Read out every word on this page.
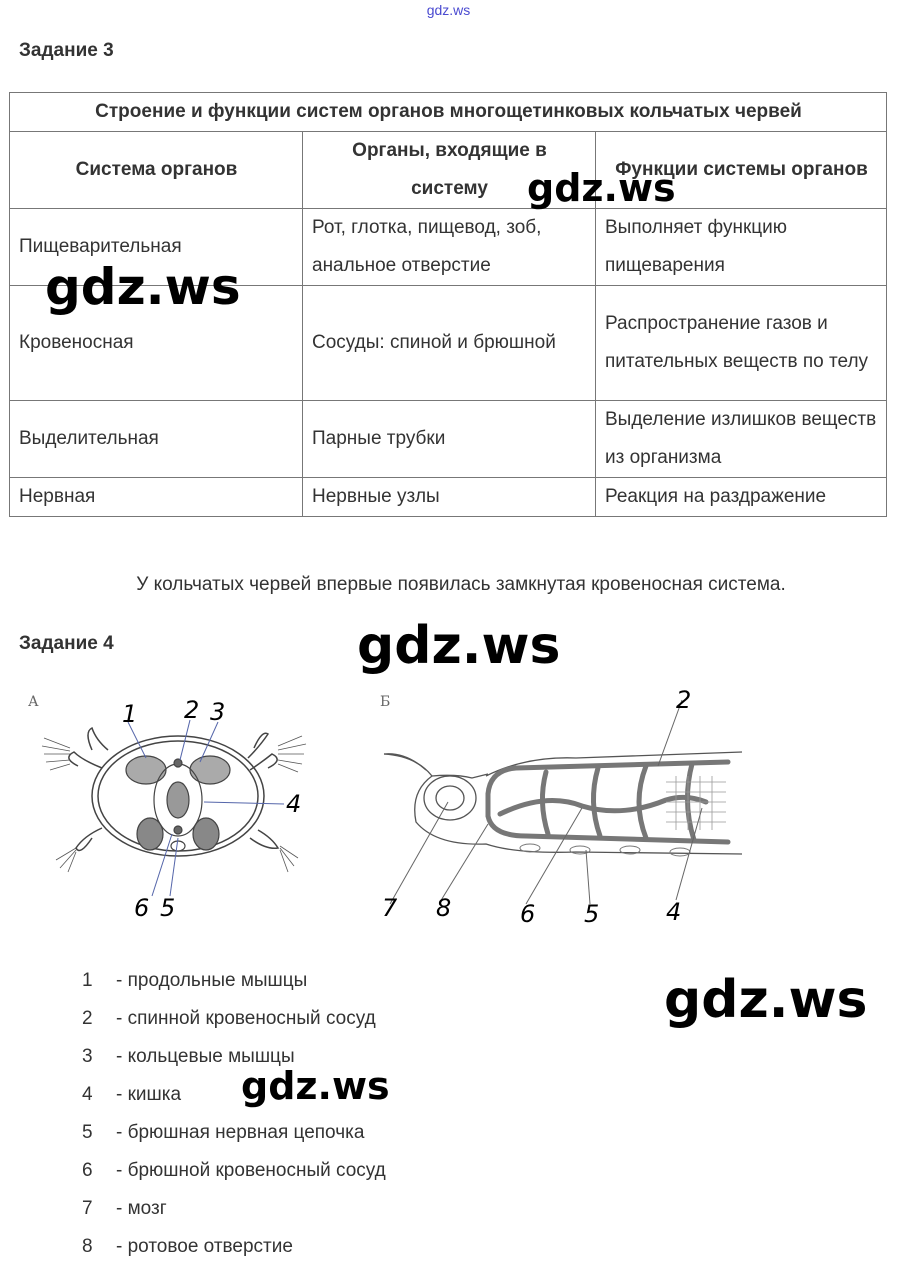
gdz.ws
Задание 3
Строение и функции систем органов многощетинковых кольчатых червей		
Система органов	Органы, входящие в систему	Функции системы органов
Пищеварительная	Рот, глотка, пищевод, зоб, анальное отверстие	Выполняет функцию пищеварения
Кровеносная	Сосуды: спиной и брюшной	Распространение газов и питательных веществ по телу
Выделительная	Парные трубки	Выделение излишков веществ из организма
Нервная	Нервные узлы	Реакция на раздражение
gdz.ws
gdz.ws
У кольчатых червей впервые появилась замкнутая кровеносная система.
Задание 4	gdz.ws
А	1 2 3
4
6 5
Б	2
7 8	6 5	4
gdz.ws
1 - продольные мышцы
2 - спинной кровеносный сосуд
3 - кольцевые мышцы
4 - кишка
5 - брюшная нервная цепочка
6 - брюшной кровеносный сосуд
7 - мозг
8 - ротовое отверстие
gdz.ws
